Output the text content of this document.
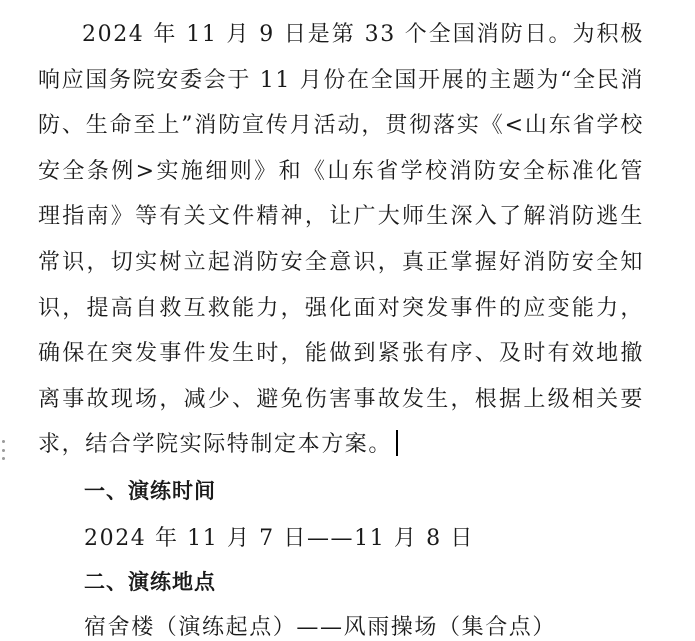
2024 年 11 月 9 日是第 33 个全国消防日。为积极响应国务院安委会于 11 月份在全国开展的主题为“全民消防、生命至上”消防宣传月活动，贯彻落实《<山东省学校安全条例>实施细则》和《山东省学校消防安全标准化管理指南》等有关文件精神，让广大师生深入了解消防逃生常识，切实树立起消防安全意识，真正掌握好消防安全知识，提高自救互救能力，强化面对突发事件的应变能力，确保在突发事件发生时，能做到紧张有序、及时有效地撤离事故现场，减少、避免伤害事故发生，根据上级相关要求，结合学院实际特制定本方案。

一、演练时间

2024 年 11 月 7 日——11 月 8 日

二、演练地点

宿舍楼（演练起点）——风雨操场（集合点）
